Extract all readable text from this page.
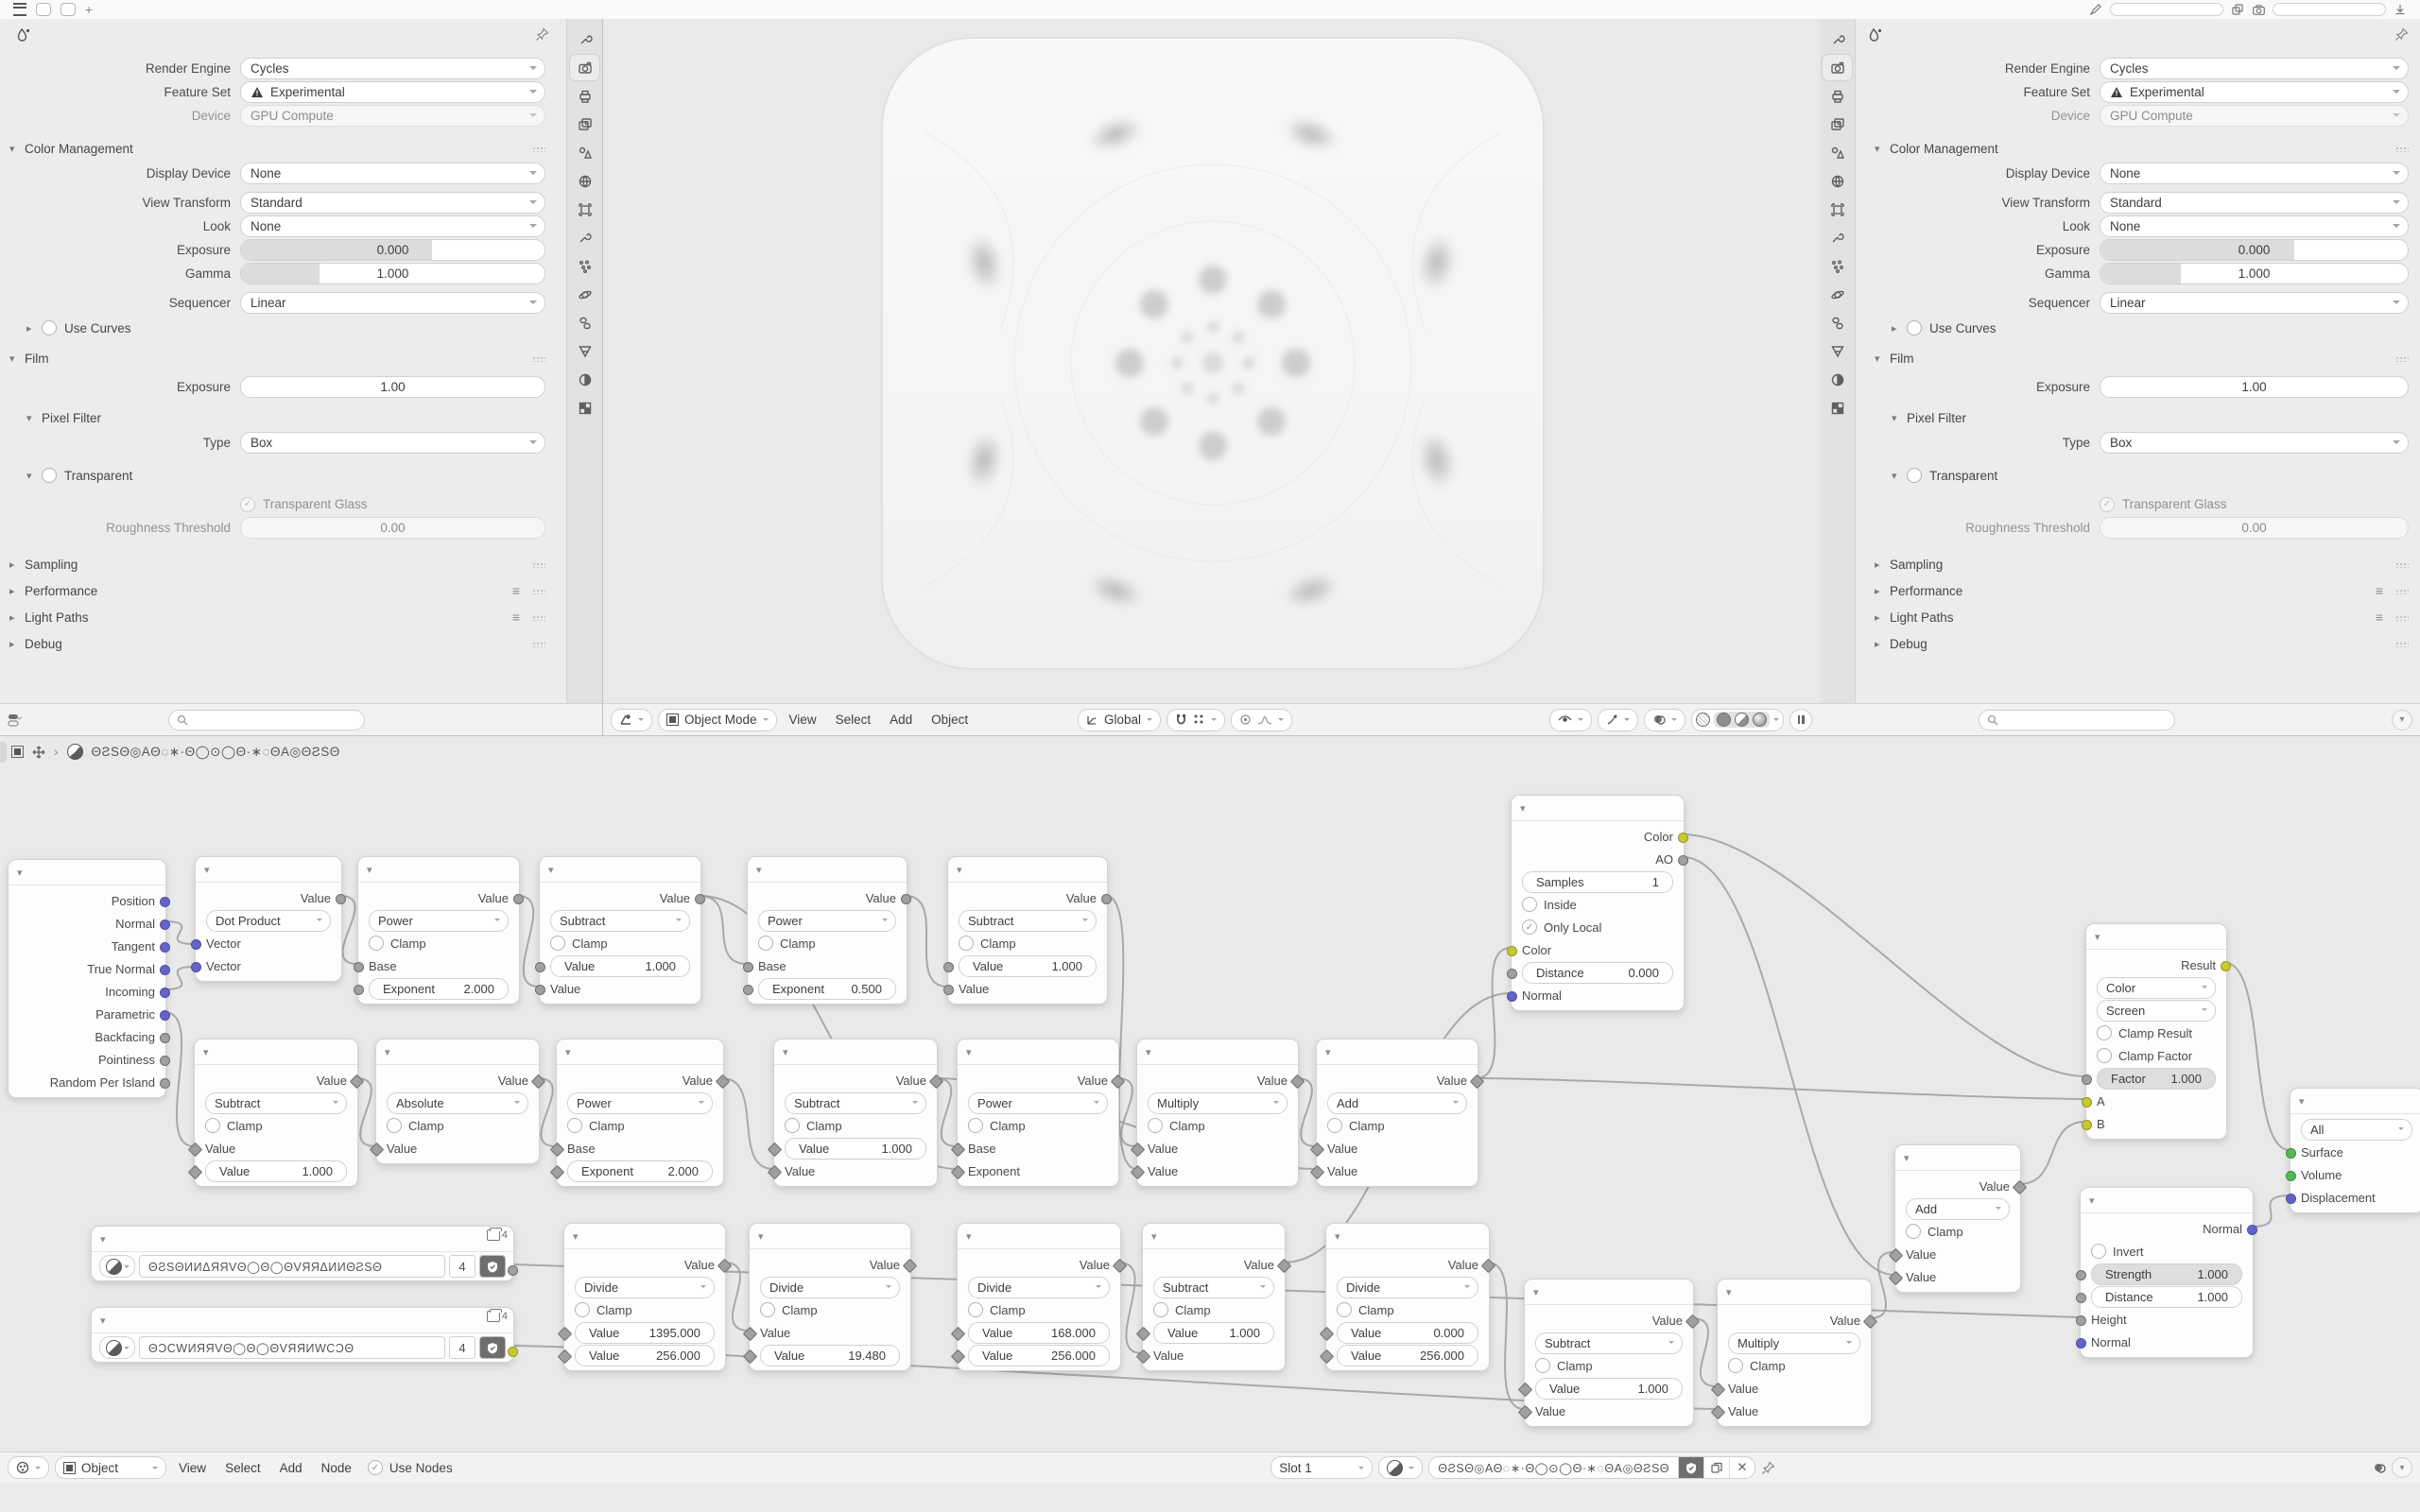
+
Render Engine	Cycles
Feature Set	Experimental
Device	GPU Compute
▾ Color Management
Display Device	None
View Transform	Standard
Look	None
Exposure	0.000
Gamma	1.000
Sequencer	Linear
▸	Use Curves
▾ Film
Exposure	1.00
▾ Pixel Filter
Type	Box
▾	Transparent
✓ Transparent Glass
Roughness Threshold	0.00
▸ Sampling
▸ Performance	≡
▸ Light Paths	≡
▸ Debug
Object Mode	View	Select	Add	Object	Global
Render Engine	Cycles
Feature Set	Experimental
Device	GPU Compute
▾ Color Management
Display Device	None
View Transform	Standard
Look	None
Exposure	0.000
Gamma	1.000
Sequencer	Linear
▸	Use Curves
▾ Film
Exposure	1.00
▾ Pixel Filter
Type	Box
▾	Transparent
✓ Transparent Glass
Roughness Threshold	0.00
▸ Sampling
▸ Performance	≡
▸ Light Paths	≡
▸ Debug
▾
▾
Position
Normal
Tangent
True Normal
Incoming
Parametric
Backfacing
Pointiness
Random Per Island
▾
Value
Dot Product
Vector
Vector
▾
Value
Power
Clamp
Base
Exponent 2.000
▾
Value
Subtract
Clamp
Value	1.000
Value
▾
Value
Power
Clamp
Base
Exponent 0.500
▾
Value
Subtract
Clamp
Value	1.000
Value
▾
Value
Subtract
Clamp
Value
Value	1.000
▾
Value
Absolute
Clamp
Value
▾
Value
Power
Clamp
Base
Exponent	2.000
▾
Value
Subtract
Clamp
Value	1.000
Value
▾
Value
Power
Clamp
Base
Exponent
▾
Value
Multiply
Clamp
Value
Value
▾
Value
Add
Clamp
Value
Value
▾	4
ΘƧSΘИИΔЯЯVΘ◯Θ◯ΘVЯЯΔИИΘƧSΘ	4
▾	4
ΘƆCWИЯЯVΘ◯Θ◯ΘVЯЯИWCƆΘ	4
▾
Value
Divide
Clamp
Value 1395.000
Value	256.000
▾
Value
Divide
Clamp
Value
Value	19.480
▾
Value
Divide
Clamp
Value	168.000
Value	256.000
▾
Value
Subtract
Clamp
Value	1.000
Value
▾
Value
Divide
Clamp
Value	0.000
Value	256.000
▾
Value
Subtract
Clamp
Value	1.000
Value
▾
Value
Multiply
Clamp
Value
Value
▾
Value
Add
Clamp
Value
Value
▾
Color
AO
Samples	1
Inside
✓ Only Local
Color
Distance	0.000
Normal
▾
Result
Color
Screen
Clamp Result
Clamp Factor
Factor 1.000
A
B
▾
All
Surface
Volume
Displacement
▾
Normal
Invert
Strength	1.000
Distance	1.000
Height
Normal
›	ΘƧSΘ◎AΘ◌∗·Θ◯⊙◯Θ·∗◌ΘA◎ΘƧSΘ
Object	View	Select	Add	Node	✓ Use Nodes	Slot 1	ΘƧSΘ◎AΘ◌∗·Θ◯⊙◯Θ·∗◌ΘA◎ΘƧSΘ	✕	▾
